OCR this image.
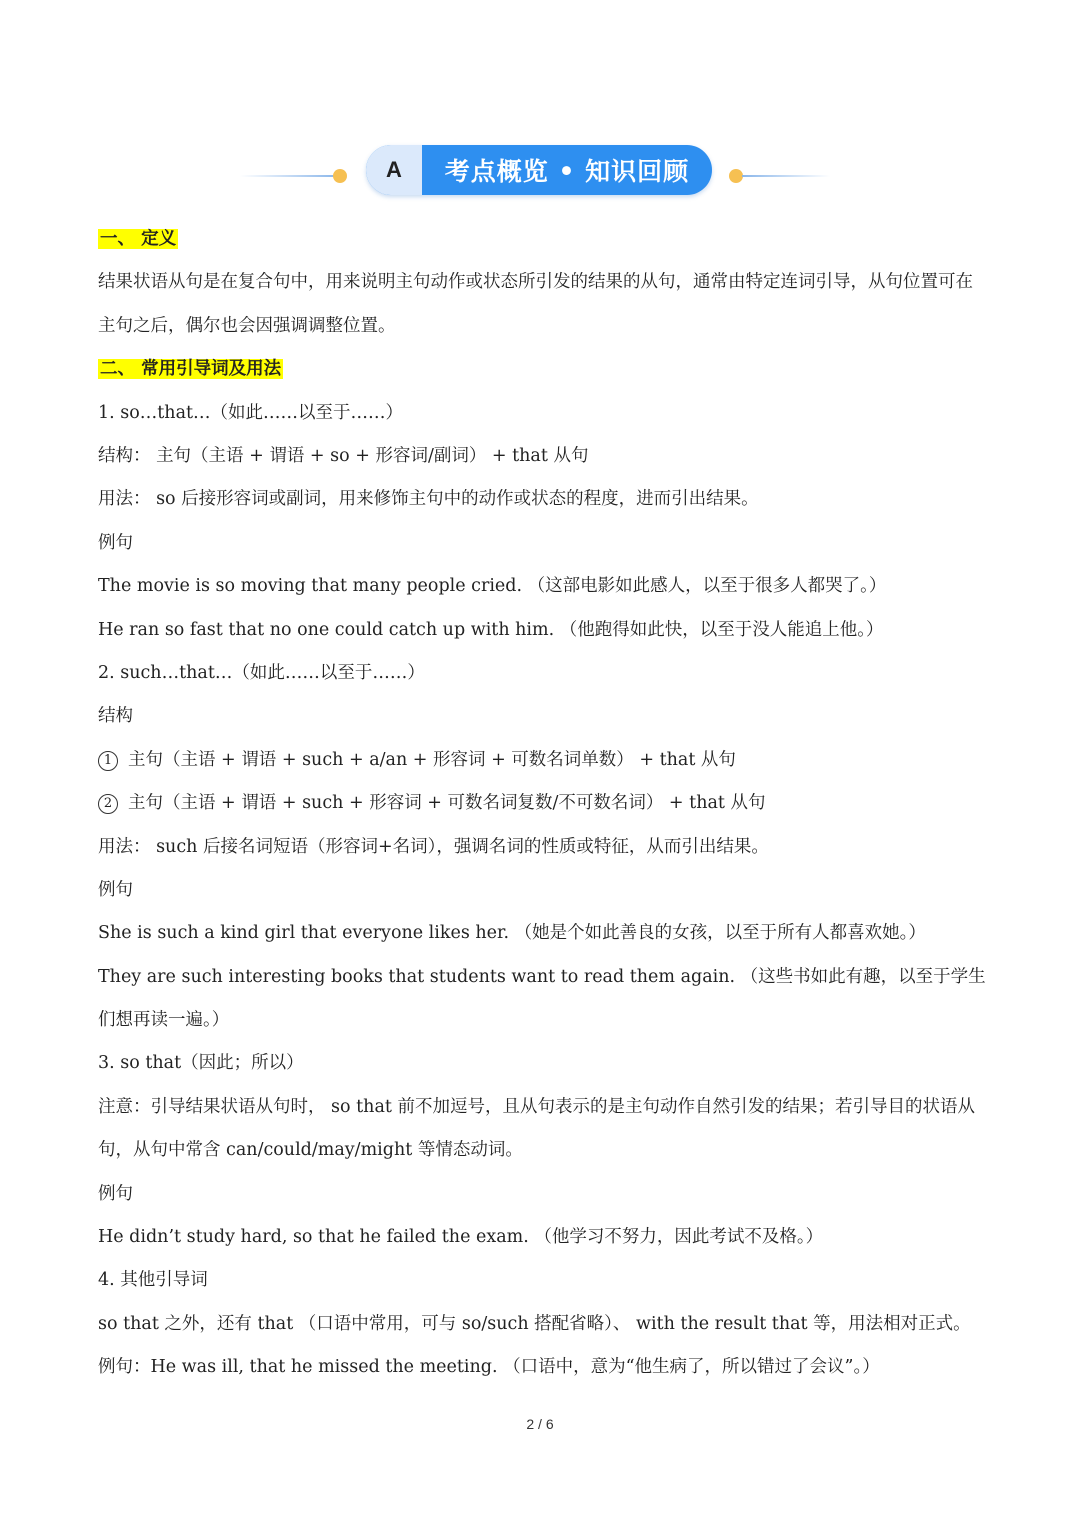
A	考点概览 • 知识回顾
一、 定义
结果状语从句是在复合句中，用来说明主句动作或状态所引发的结果的从句，通常由特定连词引导，从句位置可在主句之后，偶尔也会因强调调整位置。
二、 常用引导词及用法
1. so…that…（如此……以至于……）
结构： 主句（主语 + 谓语 + so + 形容词/副词） + that 从句
用法： so 后接形容词或副词，用来修饰主句中的动作或状态的程度，进而引出结果。
例句
The movie is so moving that many people cried. （这部电影如此感人，以至于很多人都哭了。）
He ran so fast that no one could catch up with him. （他跑得如此快，以至于没人能追上他。）
2. such…that…（如此……以至于……）
结构
1 主句（主语 + 谓语 + such + a/an + 形容词 + 可数名词单数） + that 从句
2 主句（主语 + 谓语 + such + 形容词 + 可数名词复数/不可数名词） + that 从句
用法： such 后接名词短语（形容词+名词），强调名词的性质或特征，从而引出结果。
例句
She is such a kind girl that everyone likes her. （她是个如此善良的女孩，以至于所有人都喜欢她。）
They are such interesting books that students want to read them again. （这些书如此有趣，以至于学生们想再读一遍。）
3. so that（因此；所以）
注意：引导结果状语从句时， so that 前不加逗号，且从句表示的是主句动作自然引发的结果；若引导目的状语从句，从句中常含 can/could/may/might 等情态动词。
例句
He didn’t study hard, so that he failed the exam. （他学习不努力，因此考试不及格。）
4. 其他引导词
so that 之外，还有 that （口语中常用，可与 so/such 搭配省略）、 with the result that 等，用法相对正式。
例句：He was ill, that he missed the meeting. （口语中，意为“他生病了，所以错过了会议”。）
2 / 6
